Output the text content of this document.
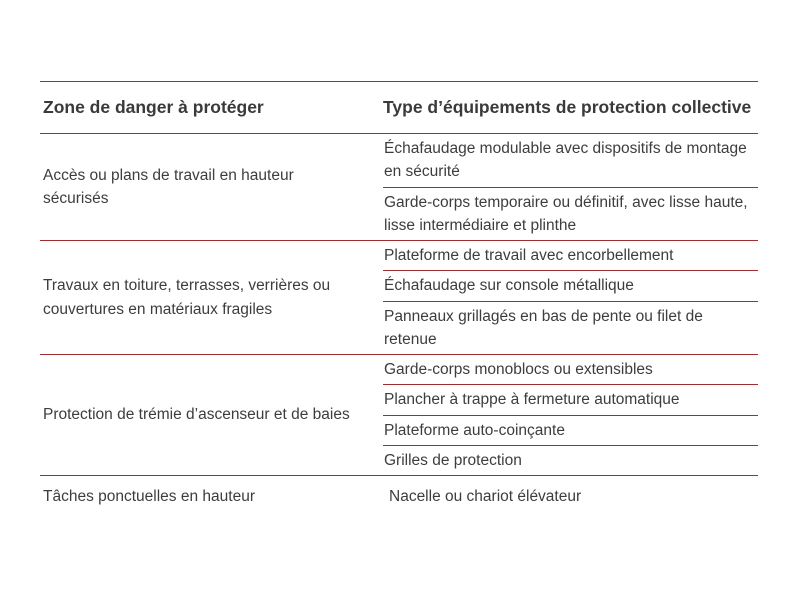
Zone de danger à protéger	Type d’équipements de protection collective
Accès ou plans de travail en hauteur sécurisés
Échafaudage modulable avec dispositifs de montage en sécurité
Garde-corps temporaire ou définitif, avec lisse haute, lisse intermédiaire et plinthe
Travaux en toiture, terrasses, verrières ou couvertures en matériaux fragiles
Plateforme de travail avec encorbellement
Échafaudage sur console métallique
Panneaux grillagés en bas de pente ou filet de retenue
Protection de trémie d’ascenseur et de baies
Garde-corps monoblocs ou extensibles
Plancher à trappe à fermeture automatique
Plateforme auto-coinçante
Grilles de protection
Tâches ponctuelles en hauteur	Nacelle ou chariot élévateur
